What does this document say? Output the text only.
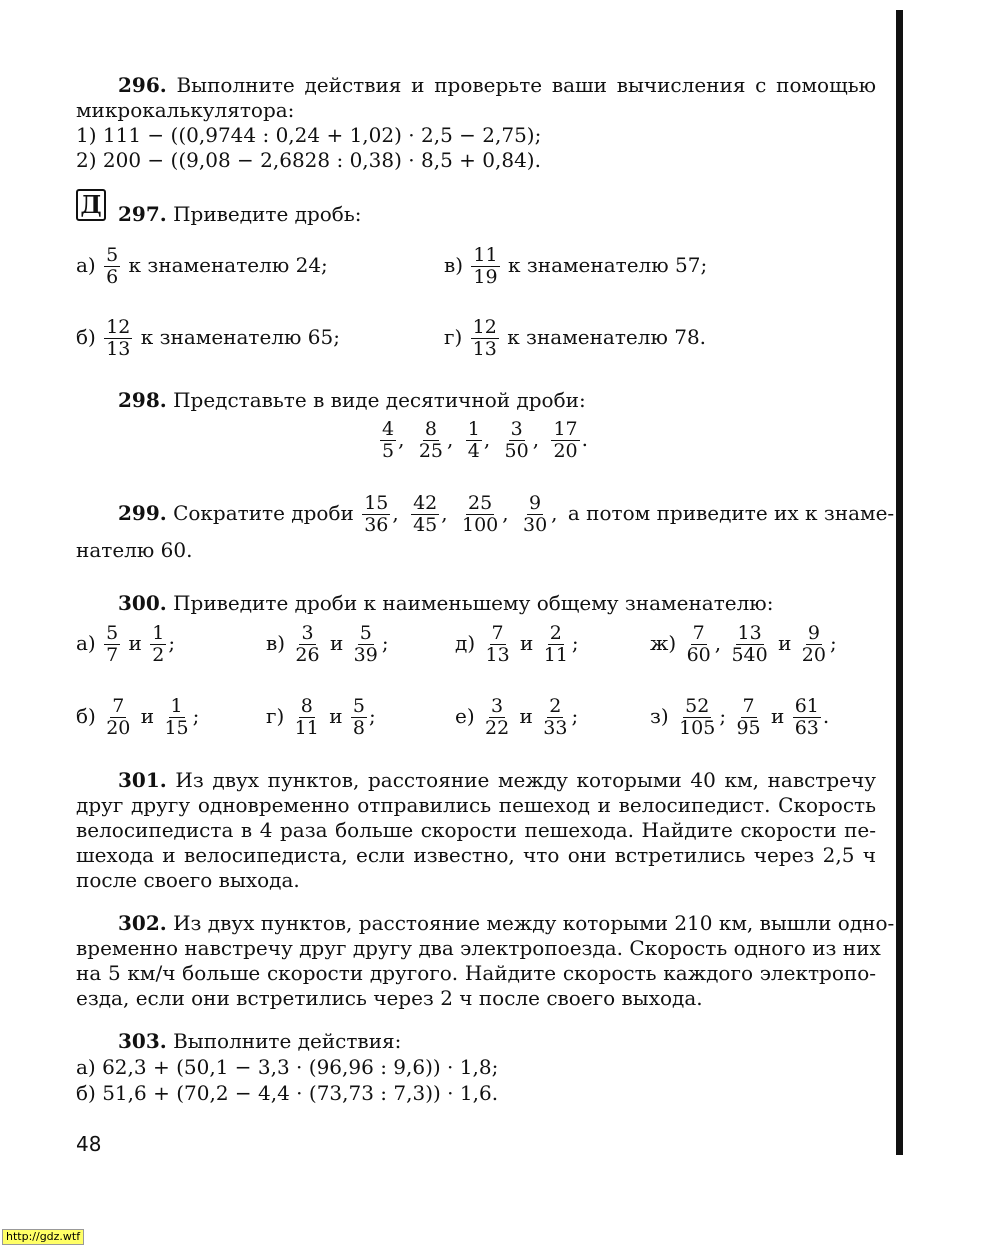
296. Выполните действия и проверьте ваши вычисления с помощью
микрокалькулятора:
1) 111 − ((0,9744 : 0,24 + 1,02) · 2,5 − 2,75);
2) 200 − ((9,08 − 2,6828 : 0,38) · 8,5 + 0,84).
Д 297. Приведите дробь:
$а) \frac{5}{6}$ к знаменателю 24;	$в) \frac{11}{19}$ к знаменателю 57;
$б) \frac{12}{13}$ к знаменателю 65;	$г) \frac{12}{13}$ к знаменателю 78.
298. Представьте в виде десятичной дроби:
$\frac{4}{5}$ , $\frac{8}{25}$ , $\frac{1}{4}$ , $\frac{3}{50}$ , $\frac{17}{20}$ .
299. Сократите дроби $\frac{15}{36}$ , $\frac{42}{45}$ , $\frac{25}{100}$ , $\frac{9}{30}$ , а потом приведите их к знаме-
нателю 60.
300. Приведите дроби к наименьшему общему знаменателю:
$а) \frac{5}{7}$ и $\frac{1}{2}$ ;	$в) \frac{3}{26}$ и $\frac{5}{39}$ ;	$д) \frac{7}{13}$ и $\frac{2}{11}$ ;	$ж) \frac{7}{60}$ , $\frac{13}{540}$ и $\frac{9}{20}$ ;
$б) \frac{7}{20}$ и $\frac{1}{15}$ ;	$г) \frac{8}{11}$ и $\frac{5}{8}$ ;	$е) \frac{3}{22}$ и $\frac{2}{33}$ ;	$з) \frac{52}{105}$ ; $\frac{7}{95}$ и $\frac{61}{63}$ .
301. Из двух пунктов, расстояние между которыми 40 км, навстречу
друг другу одновременно отправились пешеход и велосипедист. Скорость
велосипедиста в 4 раза больше скорости пешехода. Найдите скорости пе-
шехода и велосипедиста, если известно, что они встретились через 2,5 ч
после своего выхода.
302. Из двух пунктов, расстояние между которыми 210 км, вышли одно-
временно навстречу друг другу два электропоезда. Скорость одного из них
на 5 км/ч больше скорости другого. Найдите скорость каждого электропо-
езда, если они встретились через 2 ч после своего выхода.
303. Выполните действия:
а) 62,3 + (50,1 − 3,3 · (96,96 : 9,6)) · 1,8;
б) 51,6 + (70,2 − 4,4 · (73,73 : 7,3)) · 1,6.
48
http://gdz.wtf
